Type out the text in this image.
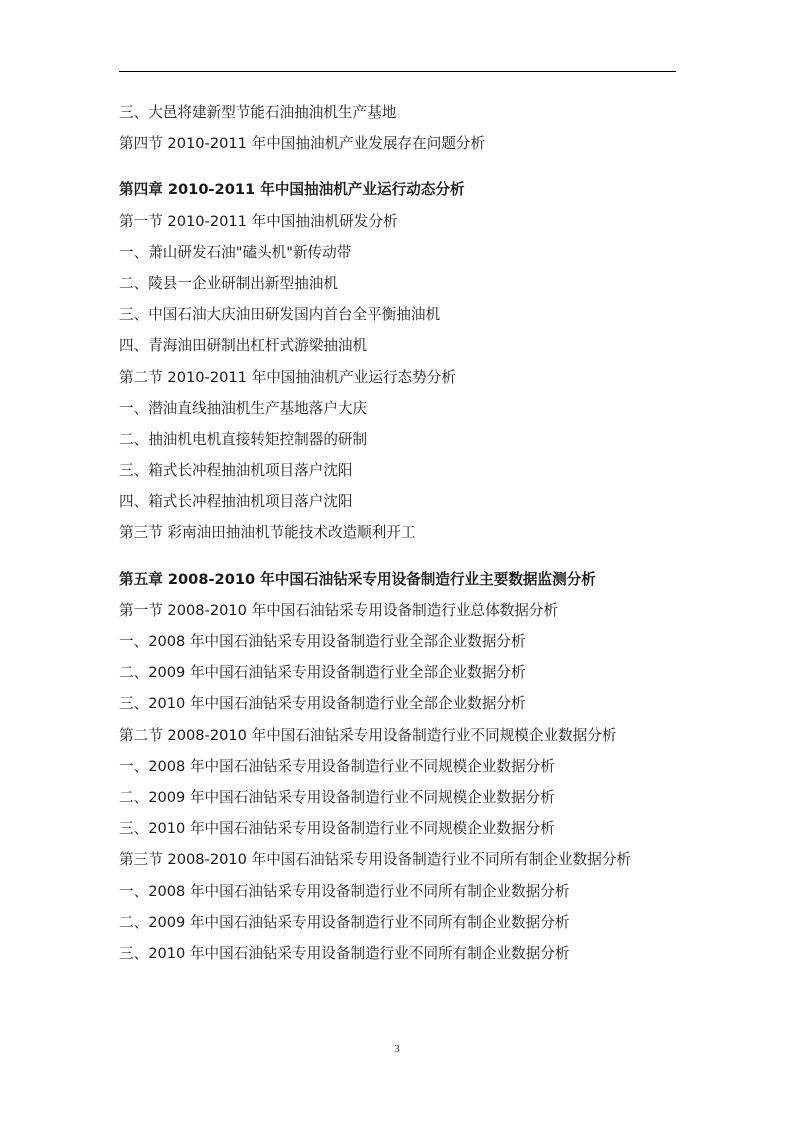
三、大邑将建新型节能石油抽油机生产基地
第四节 2010-2011 年中国抽油机产业发展存在问题分析
第四章 2010-2011 年中国抽油机产业运行动态分析
第一节 2010-2011 年中国抽油机研发分析
一、萧山研发石油"磕头机"新传动带
二、陵县一企业研制出新型抽油机
三、中国石油大庆油田研发国内首台全平衡抽油机
四、青海油田研制出杠杆式游梁抽油机
第二节 2010-2011 年中国抽油机产业运行态势分析
一、潜油直线抽油机生产基地落户大庆
二、抽油机电机直接转矩控制器的研制
三、箱式长冲程抽油机项目落户沈阳
四、箱式长冲程抽油机项目落户沈阳
第三节 彩南油田抽油机节能技术改造顺利开工
第五章 2008-2010 年中国石油钻采专用设备制造行业主要数据监测分析
第一节 2008-2010 年中国石油钻采专用设备制造行业总体数据分析
一、2008 年中国石油钻采专用设备制造行业全部企业数据分析
二、2009 年中国石油钻采专用设备制造行业全部企业数据分析
三、2010 年中国石油钻采专用设备制造行业全部企业数据分析
第二节 2008-2010 年中国石油钻采专用设备制造行业不同规模企业数据分析
一、2008 年中国石油钻采专用设备制造行业不同规模企业数据分析
二、2009 年中国石油钻采专用设备制造行业不同规模企业数据分析
三、2010 年中国石油钻采专用设备制造行业不同规模企业数据分析
第三节 2008-2010 年中国石油钻采专用设备制造行业不同所有制企业数据分析
一、2008 年中国石油钻采专用设备制造行业不同所有制企业数据分析
二、2009 年中国石油钻采专用设备制造行业不同所有制企业数据分析
三、2010 年中国石油钻采专用设备制造行业不同所有制企业数据分析
3
